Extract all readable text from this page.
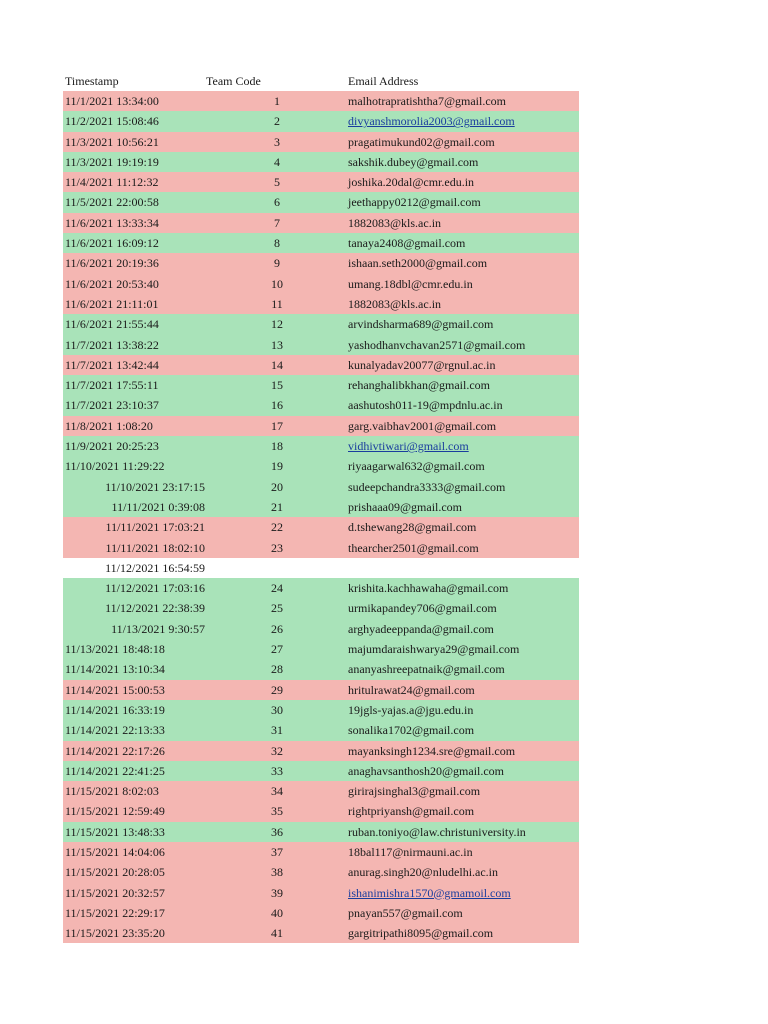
Timestamp	Team Code	Email Address
11/1/2021 13:34:00	1	malhotrapratishtha7@gmail.com
11/2/2021 15:08:46	2	divyanshmorolia2003@gmail.com
11/3/2021 10:56:21	3	pragatimukund02@gmail.com
11/3/2021 19:19:19	4	sakshik.dubey@gmail.com
11/4/2021 11:12:32	5	joshika.20dal@cmr.edu.in
11/5/2021 22:00:58	6	jeethappy0212@gmail.com
11/6/2021 13:33:34	7	1882083@kls.ac.in
11/6/2021 16:09:12	8	tanaya2408@gmail.com
11/6/2021 20:19:36	9	ishaan.seth2000@gmail.com
11/6/2021 20:53:40	10	umang.18dbl@cmr.edu.in
11/6/2021 21:11:01	11	1882083@kls.ac.in
11/6/2021 21:55:44	12	arvindsharma689@gmail.com
11/7/2021 13:38:22	13	yashodhanvchavan2571@gmail.com
11/7/2021 13:42:44	14	kunalyadav20077@rgnul.ac.in
11/7/2021 17:55:11	15	rehanghalibkhan@gmail.com
11/7/2021 23:10:37	16	aashutosh011-19@mpdnlu.ac.in
11/8/2021 1:08:20	17	garg.vaibhav2001@gmail.com
11/9/2021 20:25:23	18	vidhivtiwari@gmail.com
11/10/2021 11:29:22	19	riyaagarwal632@gmail.com
11/10/2021 23:17:15	20	sudeepchandra3333@gmail.com
11/11/2021 0:39:08	21	prishaaa09@gmail.com
11/11/2021 17:03:21	22	d.tshewang28@gmail.com
11/11/2021 18:02:10	23	thearcher2501@gmail.com
11/12/2021 16:54:59
11/12/2021 17:03:16	24	krishita.kachhawaha@gmail.com
11/12/2021 22:38:39	25	urmikapandey706@gmail.com
11/13/2021 9:30:57	26	arghyadeeppanda@gmail.com
11/13/2021 18:48:18	27	majumdaraishwarya29@gmail.com
11/14/2021 13:10:34	28	ananyashreepatnaik@gmail.com
11/14/2021 15:00:53	29	hritulrawat24@gmail.com
11/14/2021 16:33:19	30	19jgls-yajas.a@jgu.edu.in
11/14/2021 22:13:33	31	sonalika1702@gmail.com
11/14/2021 22:17:26	32	mayanksingh1234.sre@gmail.com
11/14/2021 22:41:25	33	anaghavsanthosh20@gmail.com
11/15/2021 8:02:03	34	girirajsinghal3@gmail.com
11/15/2021 12:59:49	35	rightpriyansh@gmail.com
11/15/2021 13:48:33	36	ruban.toniyo@law.christuniversity.in
11/15/2021 14:04:06	37	18bal117@nirmauni.ac.in
11/15/2021 20:28:05	38	anurag.singh20@nludelhi.ac.in
11/15/2021 20:32:57	39	ishanimishra1570@gmamoil.com
11/15/2021 22:29:17	40	pnayan557@gmail.com
11/15/2021 23:35:20	41	gargitripathi8095@gmail.com
